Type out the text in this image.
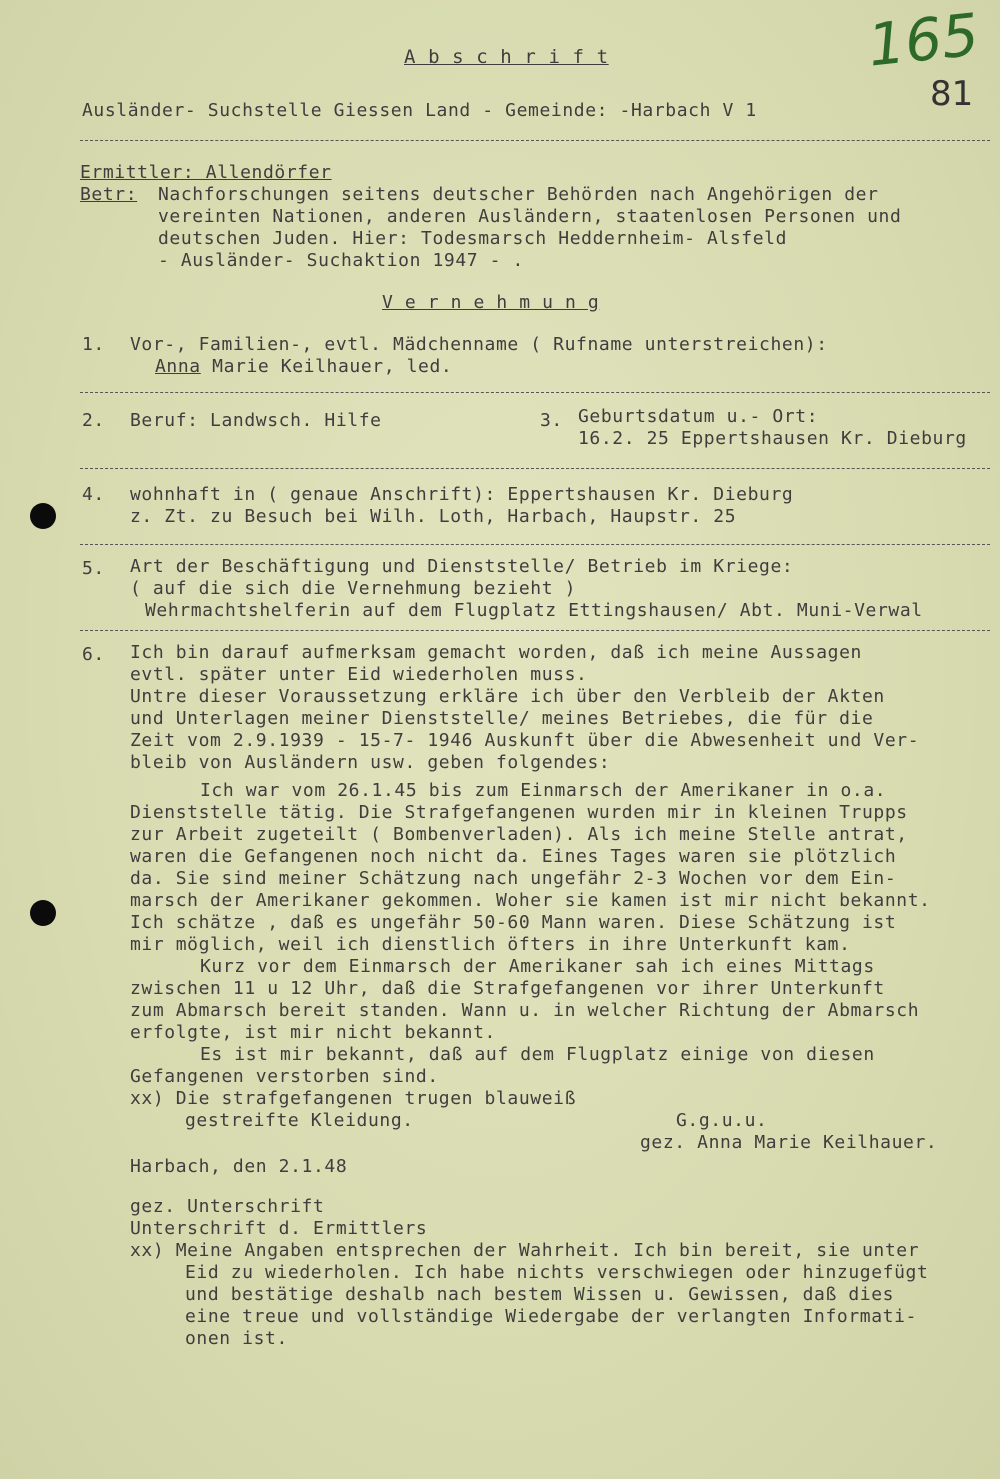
A b s c h r i f t	165
81
Ausländer- Suchstelle Giessen Land - Gemeinde: -Harbach V 1
Ermittler: Allendörfer
Betr: Nachforschungen seitens deutscher Behörden nach Angehörigen der
vereinten Nationen, anderen Ausländern, staatenlosen Personen und
deutschen Juden. Hier: Todesmarsch Heddernheim- Alsfeld
- Ausländer- Suchaktion 1947 - .
V e r n e h m u n g
1. Vor-, Familien-, evtl. Mädchenname ( Rufname unterstreichen):
Anna Marie Keilhauer, led.
2. Beruf: Landwsch. Hilfe	3. Geburtsdatum u.- Ort:
16.2. 25 Eppertshausen Kr. Dieburg
4. wohnhaft in ( genaue Anschrift): Eppertshausen Kr. Dieburg
z. Zt. zu Besuch bei Wilh. Loth, Harbach, Haupstr. 25
5. Art der Beschäftigung und Dienststelle/ Betrieb im Kriege:
( auf die sich die Vernehmung bezieht )
Wehrmachtshelferin auf dem Flugplatz Ettingshausen/ Abt. Muni-Verwal
6. Ich bin darauf aufmerksam gemacht worden, daß ich meine Aussagen
evtl. später unter Eid wiederholen muss.
Untre dieser Voraussetzung erkläre ich über den Verbleib der Akten
und Unterlagen meiner Dienststelle/ meines Betriebes, die für die
Zeit vom 2.9.1939 - 15-7- 1946 Auskunft über die Abwesenheit und Ver-
bleib von Ausländern usw. geben folgendes:
Ich war vom 26.1.45 bis zum Einmarsch der Amerikaner in o.a.
Dienststelle tätig. Die Strafgefangenen wurden mir in kleinen Trupps
zur Arbeit zugeteilt ( Bombenverladen). Als ich meine Stelle antrat,
waren die Gefangenen noch nicht da. Eines Tages waren sie plötzlich
da. Sie sind meiner Schätzung nach ungefähr 2-3 Wochen vor dem Ein-
marsch der Amerikaner gekommen. Woher sie kamen ist mir nicht bekannt.
Ich schätze , daß es ungefähr 50-60 Mann waren. Diese Schätzung ist
mir möglich, weil ich dienstlich öfters in ihre Unterkunft kam.
Kurz vor dem Einmarsch der Amerikaner sah ich eines Mittags
zwischen 11 u 12 Uhr, daß die Strafgefangenen vor ihrer Unterkunft
zum Abmarsch bereit standen. Wann u. in welcher Richtung der Abmarsch
erfolgte, ist mir nicht bekannt.
Es ist mir bekannt, daß auf dem Flugplatz einige von diesen
Gefangenen verstorben sind.
xx) Die strafgefangenen trugen blauweiß
gestreifte Kleidung.	G.g.u.u.
gez. Anna Marie Keilhauer.
Harbach, den 2.1.48
gez. Unterschrift
Unterschrift d. Ermittlers
xx) Meine Angaben entsprechen der Wahrheit. Ich bin bereit, sie unter
Eid zu wiederholen. Ich habe nichts verschwiegen oder hinzugefügt
und bestätige deshalb nach bestem Wissen u. Gewissen, daß dies
eine treue und vollständige Wiedergabe der verlangten Informati-
onen ist.
